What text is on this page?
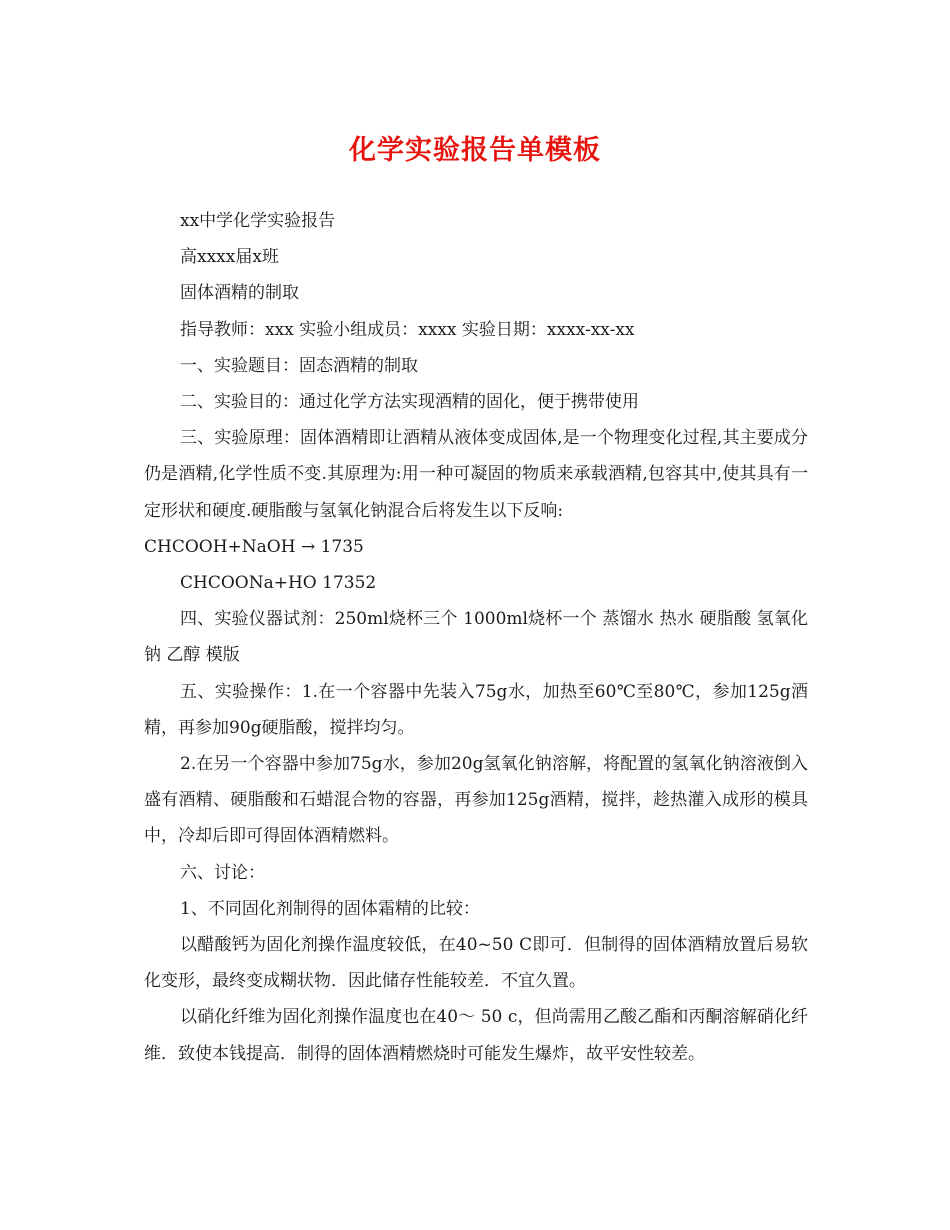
化学实验报告单模板

xx中学化学实验报告

高xxxx届x班

固体酒精的制取

指导教师：xxx 实验小组成员：xxxx 实验日期：xxxx-xx-xx

一、实验题目：固态酒精的制取

二、实验目的：通过化学方法实现酒精的固化，便于携带使用

三、实验原理：固体酒精即让酒精从液体变成固体,是一个物理变化过程,其主要成分仍是酒精,化学性质不变.其原理为:用一种可凝固的物质来承载酒精,包容其中,使其具有一定形状和硬度.硬脂酸与氢氧化钠混合后将发生以下反响:

CHCOOH+NaOH → 1735

CHCOONa+HO 17352

四、实验仪器试剂：250ml烧杯三个 1000ml烧杯一个 蒸馏水 热水 硬脂酸 氢氧化钠 乙醇 模版

五、实验操作：1.在一个容器中先装入75g水，加热至60℃至80℃，参加125g酒精，再参加90g硬脂酸，搅拌均匀。

2.在另一个容器中参加75g水，参加20g氢氧化钠溶解，将配置的氢氧化钠溶液倒入盛有酒精、硬脂酸和石蜡混合物的容器，再参加125g酒精，搅拌，趁热灌入成形的模具中，冷却后即可得固体酒精燃料。

六、讨论：

1、不同固化剂制得的固体霜精的比较：

以醋酸钙为固化剂操作温度较低，在40~50 C即可．但制得的固体酒精放置后易软化变形，最终变成糊状物．因此储存性能较差．不宜久置。

以硝化纤维为固化剂操作温度也在40～ 50 c，但尚需用乙酸乙酯和丙酮溶解硝化纤维．致使本钱提高．制得的固体酒精燃烧时可能发生爆炸，故平安性较差。
